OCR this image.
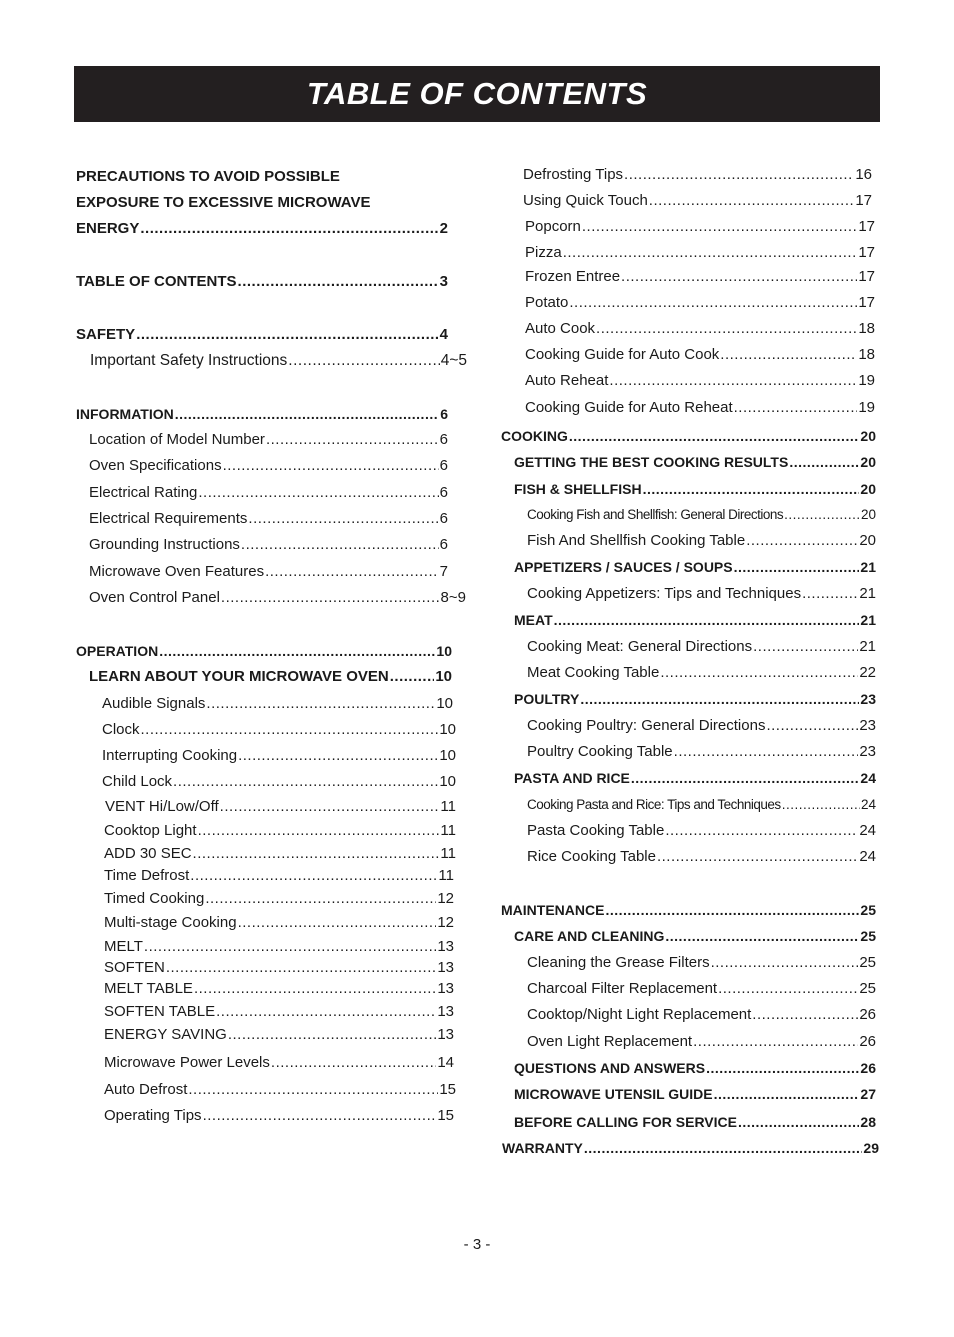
TABLE OF CONTENTS
PRECAUTIONS TO AVOID POSSIBLE
EXPOSURE TO EXCESSIVE MICROWAVE
ENERGY .....	2
TABLE OF CONTENTS .....	3
SAFETY .....	4
Important Safety Instructions .....	4~5
INFORMATION .....	6
Location of Model Number .....	6
Oven Specifications .....	6
Electrical Rating .....	6
Electrical Requirements .....	6
Grounding Instructions .....	6
Microwave Oven Features .....	7
Oven Control Panel .....	8~9
OPERATION .....	10
LEARN ABOUT YOUR MICROWAVE OVEN .....	10
Audible Signals .....	10
Clock .....	10
Interrupting Cooking .....	10
Child Lock .....	10
VENT Hi/Low/Off .....	11
Cooktop Light .....	11
ADD 30 SEC .....	11
Time Defrost .....	11
Timed Cooking .....	12
Multi-stage Cooking .....	12
MELT .....	13
SOFTEN .....	13
MELT TABLE .....	13
SOFTEN TABLE .....	13
ENERGY SAVING .....	13
Microwave Power Levels .....	14
Auto Defrost .....	15
Operating Tips .....	15
Defrosting Tips .....	16
Using Quick Touch .....	17
Popcorn .....	17
Pizza .....	17
Frozen Entree .....	17
Potato .....	17
Auto Cook .....	18
Cooking Guide for Auto Cook .....	18
Auto Reheat .....	19
Cooking Guide for Auto Reheat .....	19
COOKING .....	20
GETTING THE BEST COOKING RESULTS .....	20
FISH & SHELLFISH .....	20
Cooking Fish and Shellfish: General Directions .....	20
Fish And Shellfish Cooking Table .....	20
APPETIZERS / SAUCES / SOUPS .....	21
Cooking Appetizers: Tips and Techniques .....	21
MEAT .....	21
Cooking Meat: General Directions .....	21
Meat Cooking Table .....	22
POULTRY .....	23
Cooking Poultry: General Directions .....	23
Poultry Cooking Table .....	23
PASTA AND RICE .....	24
Cooking Pasta and Rice: Tips and Techniques .....	24
Pasta Cooking Table .....	24
Rice Cooking Table .....	24
MAINTENANCE .....	25
CARE AND CLEANING .....	25
Cleaning the Grease Filters .....	25
Charcoal Filter Replacement .....	25
Cooktop/Night Light Replacement .....	26
Oven Light Replacement .....	26
QUESTIONS AND ANSWERS .....	26
MICROWAVE UTENSIL GUIDE .....	27
BEFORE CALLING FOR SERVICE .....	28
WARRANTY .....	29
- 3 -
